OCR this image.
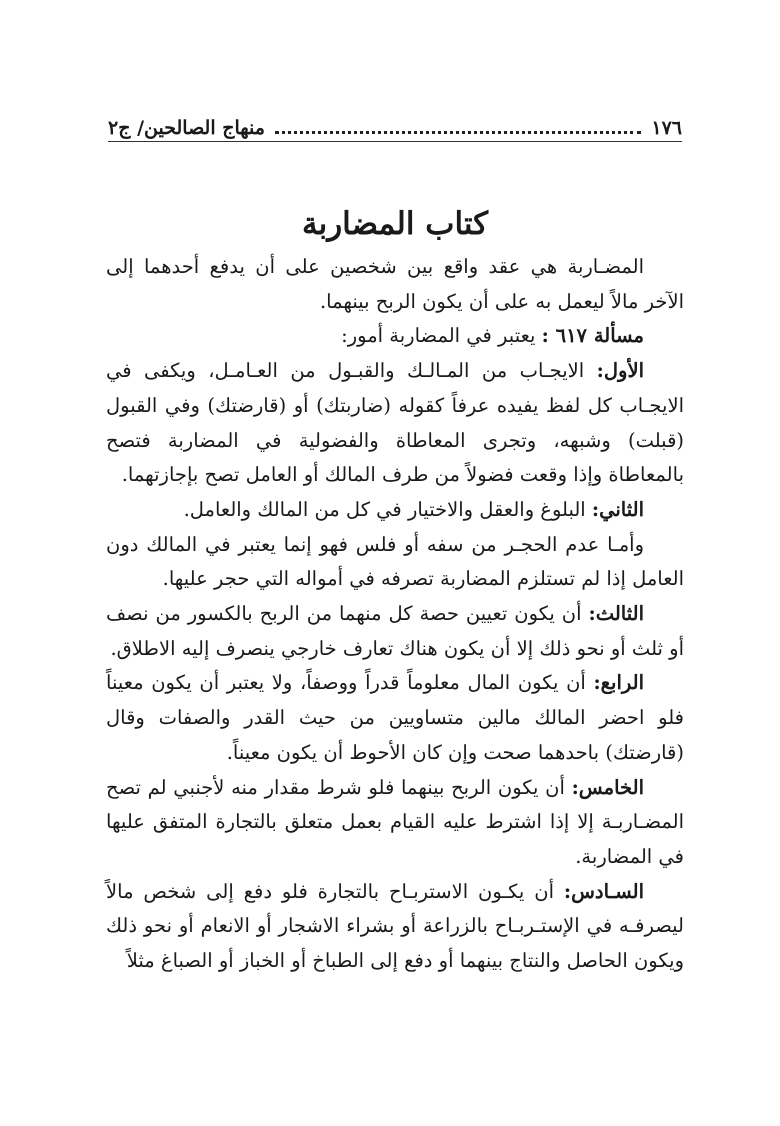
١٧٦
منهاج الصالحين/ ج٢
كتاب المضاربة

المضـاربة هي عقد واقع بين شخصين على أن يدفع أحدهما إلى الآخر مالاً ليعمل به على أن يكون الربح بينهما.

مسألة ٦١٧ : يعتبر في المضاربة أمور:

الأول: الايجـاب من المـالـك والقبـول من العـامـل، ويكفى في الايجـاب كل لفظ يفيده عرفاً كقوله (ضاربتك) أو (قارضتك) وفي القبول (قبلت) وشبهه، وتجرى المعاطاة والفضولية في المضاربة فتصح بالمعاطاة وإذا وقعت فضولاً من طرف المالك أو العامل تصح بإجازتهما.

الثاني: البلوغ والعقل والاختيار في كل من المالك والعامل.

وأمـا عدم الحجـر من سفه أو فلس فهو إنما يعتبر في المالك دون العامل إذا لم تستلزم المضاربة تصرفه في أمواله التي حجر عليها.

الثالث: أن يكون تعيين حصة كل منهما من الربح بالكسور من نصف أو ثلث أو نحو ذلك إلا أن يكون هناك تعارف خارجي ينصرف إليه الاطلاق.

الرابع: أن يكون المال معلوماً قدراً ووصفاً، ولا يعتبر أن يكون معيناً فلو احضر المالك مالين متساويين من حيث القدر والصفات وقال (قارضتك) باحدهما صحت وإن كان الأحوط أن يكون معيناً.

الخامس: أن يكون الربح بينهما فلو شرط مقدار منه لأجنبي لم تصح المضـاربـة إلا إذا اشترط عليه القيام بعمل متعلق بالتجارة المتفق عليها في المضاربة.

السـادس: أن يكـون الاستربـاح بالتجارة فلو دفع إلى شخص مالاً ليصرفـه في الإستـربـاح بالزراعة أو بشراء الاشجار أو الانعام أو نحو ذلك ويكون الحاصل والنتاج بينهما أو دفع إلى الطباخ أو الخباز أو الصباغ مثلاً
